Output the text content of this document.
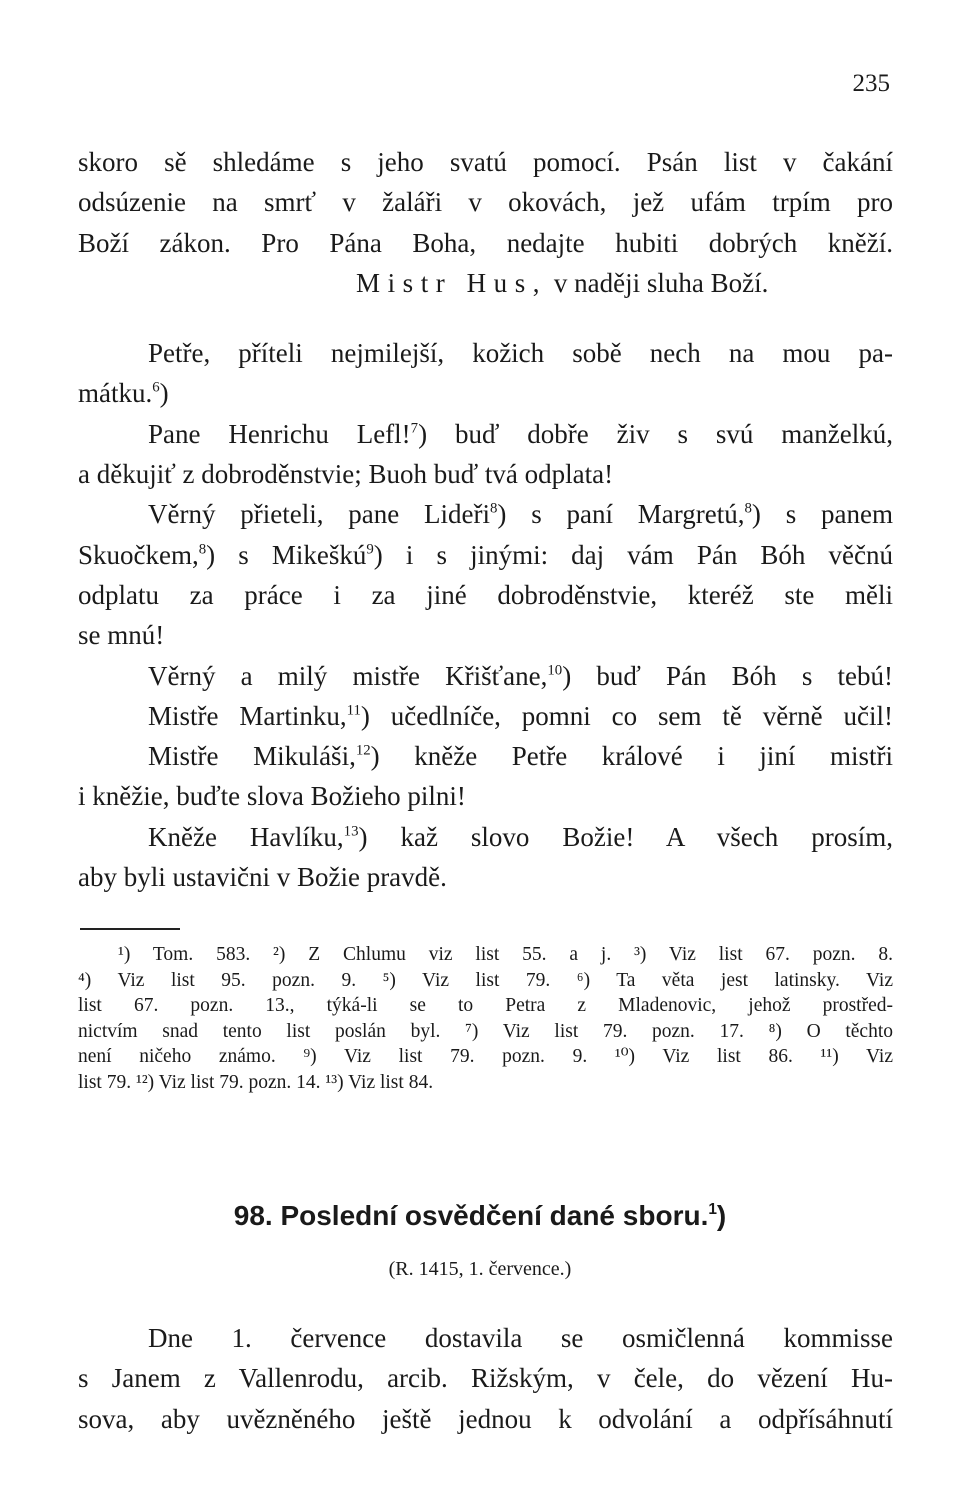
235
skoro sě shledáme s jeho svatú pomocí. Psán list v čakání
odsúzenie na smrť v žaláři v okovách, jež ufám trpím pro
Boží zákon. Pro Pána Boha, nedajte hubiti dobrých kněží.
Mistr Hus, v naději sluha Boží.
Petře, příteli nejmilejší, kožich sobě nech na mou pa-
mátku.$^6$)
Pane Henrichu Lefl!$^7$) buď dobře živ s svú manželkú,
a děkujiť z dobroděnstvie; Buoh buď tvá odplata!
Věrný přieteli, pane Lideři$^8$) s paní Margretú,$^8$) s panem
Skuočkem,$^8$) s Mikeškú$^9$) i s jinými: daj vám Pán Bóh věčnú
odplatu za práce i za jiné dobroděnstvie, kteréž ste měli
se mnú!
Věrný a milý mistře Křišťane,$^{10}$) buď Pán Bóh s tebú!
Mistře Martinku,$^{11}$) učedlníče, pomni co sem tě věrně učil!
Mistře Mikuláši,$^{12}$) kněže Petře králové i jiní mistři
i kněžie, buďte slova Božieho pilni!
Kněže Havlíku,$^{13}$) kaž slovo Božie! A všech prosím,
aby byli ustavični v Božie pravdě.
¹) Tom. 583. ²) Z Chlumu viz list 55. a j. ³) Viz list 67. pozn. 8.
⁴) Viz list 95. pozn. 9. ⁵) Viz list 79. ⁶) Ta věta jest latinsky. Viz
list 67. pozn. 13., týká-li se to Petra z Mladenovic, jehož prostřed-
nictvím snad tento list poslán byl. ⁷) Viz list 79. pozn. 17. ⁸) O těchto
není ničeho známo. ⁹) Viz list 79. pozn. 9. ¹⁰) Viz list 86. ¹¹) Viz
list 79. ¹²) Viz list 79. pozn. 14. ¹³) Viz list 84.
98. Poslední osvědčení dané sboru.$^1$)
(R. 1415, 1. července.)
Dne 1. července dostavila se osmičlenná kommisse
s Janem z Vallenrodu, arcib. Rižským, v čele, do vězení Hu-
sova, aby uvězněného ještě jednou k odvolání a odpřísáhnutí
